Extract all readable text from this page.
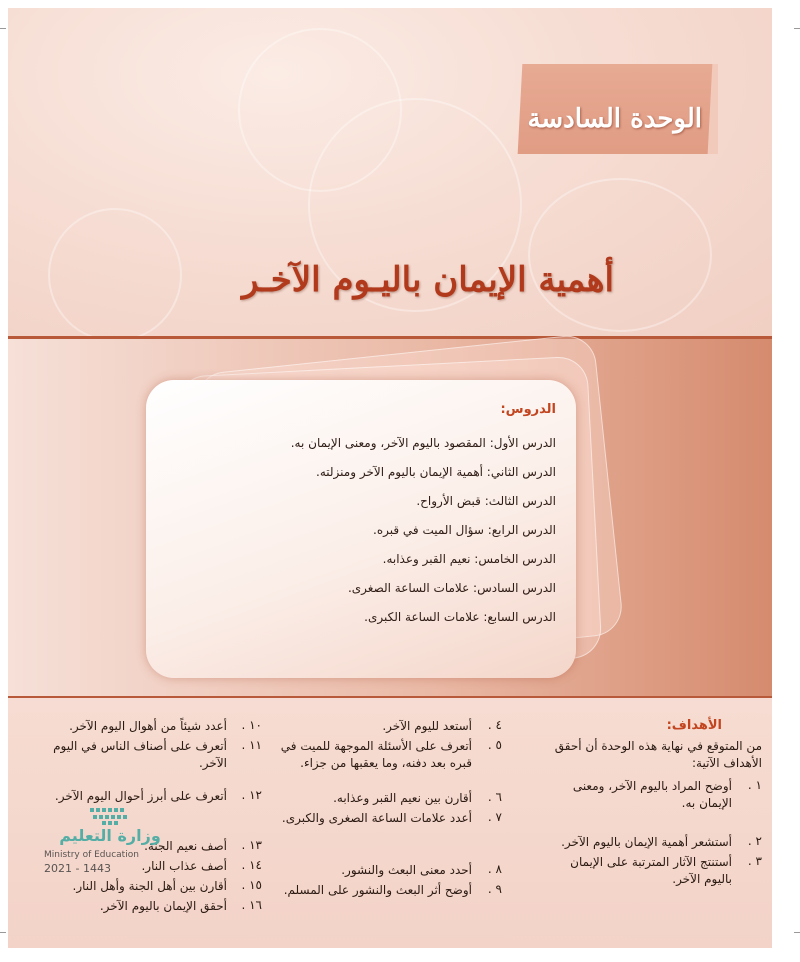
الوحدة السادسة
أهمية الإيمان باليـوم الآخـر
الدروس:
الدرس الأول: المقصود باليوم الآخر، ومعنى الإيمان به.
الدرس الثاني: أهمية الإيمان باليوم الآخر ومنزلته.
الدرس الثالث: قبض الأرواح.
الدرس الرابع: سؤال الميت في قبره.
الدرس الخامس: نعيم القبر وعذابه.
الدرس السادس: علامات الساعة الصغرى.
الدرس السابع: علامات الساعة الكبرى.
الأهداف:
من المتوقع في نهاية هذه الوحدة أن أحقق الأهداف الآتية:
١ .
أوضح المراد باليوم الآخر، ومعنى الإيمان به.
٢ .
أستشعر أهمية الإيمان باليوم الآخر.
٣ .
أستنتج الآثار المترتبة على الإيمان باليوم الآخر.
٤ .
أستعد لليوم الآخر.
٥ .
أتعرف على الأسئلة الموجهة للميت في قبره بعد دفنه، وما يعقبها من جزاء.
٦ .
أقارن بين نعيم القبر وعذابه.
٧ .
أعدد علامات الساعة الصغرى والكبرى.
٨ .
أحدد معنى البعث والنشور.
٩ .
أوضح أثر البعث والنشور على المسلم.
١٠ .
أعدد شيئاً من أهوال اليوم الآخر.
١١ .
أتعرف على أصناف الناس في اليوم الآخر.
١٢ .
أتعرف على أبرز أحوال اليوم الآخر.
١٣ .
أصف نعيم الجنة.
١٤ .
أصف عذاب النار.
١٥ .
أقارن بين أهل الجنة وأهل النار.
١٦ .
أحقق الإيمان باليوم الآخر.
وزارة التعليم
Ministry of Education
2021 - 1443
